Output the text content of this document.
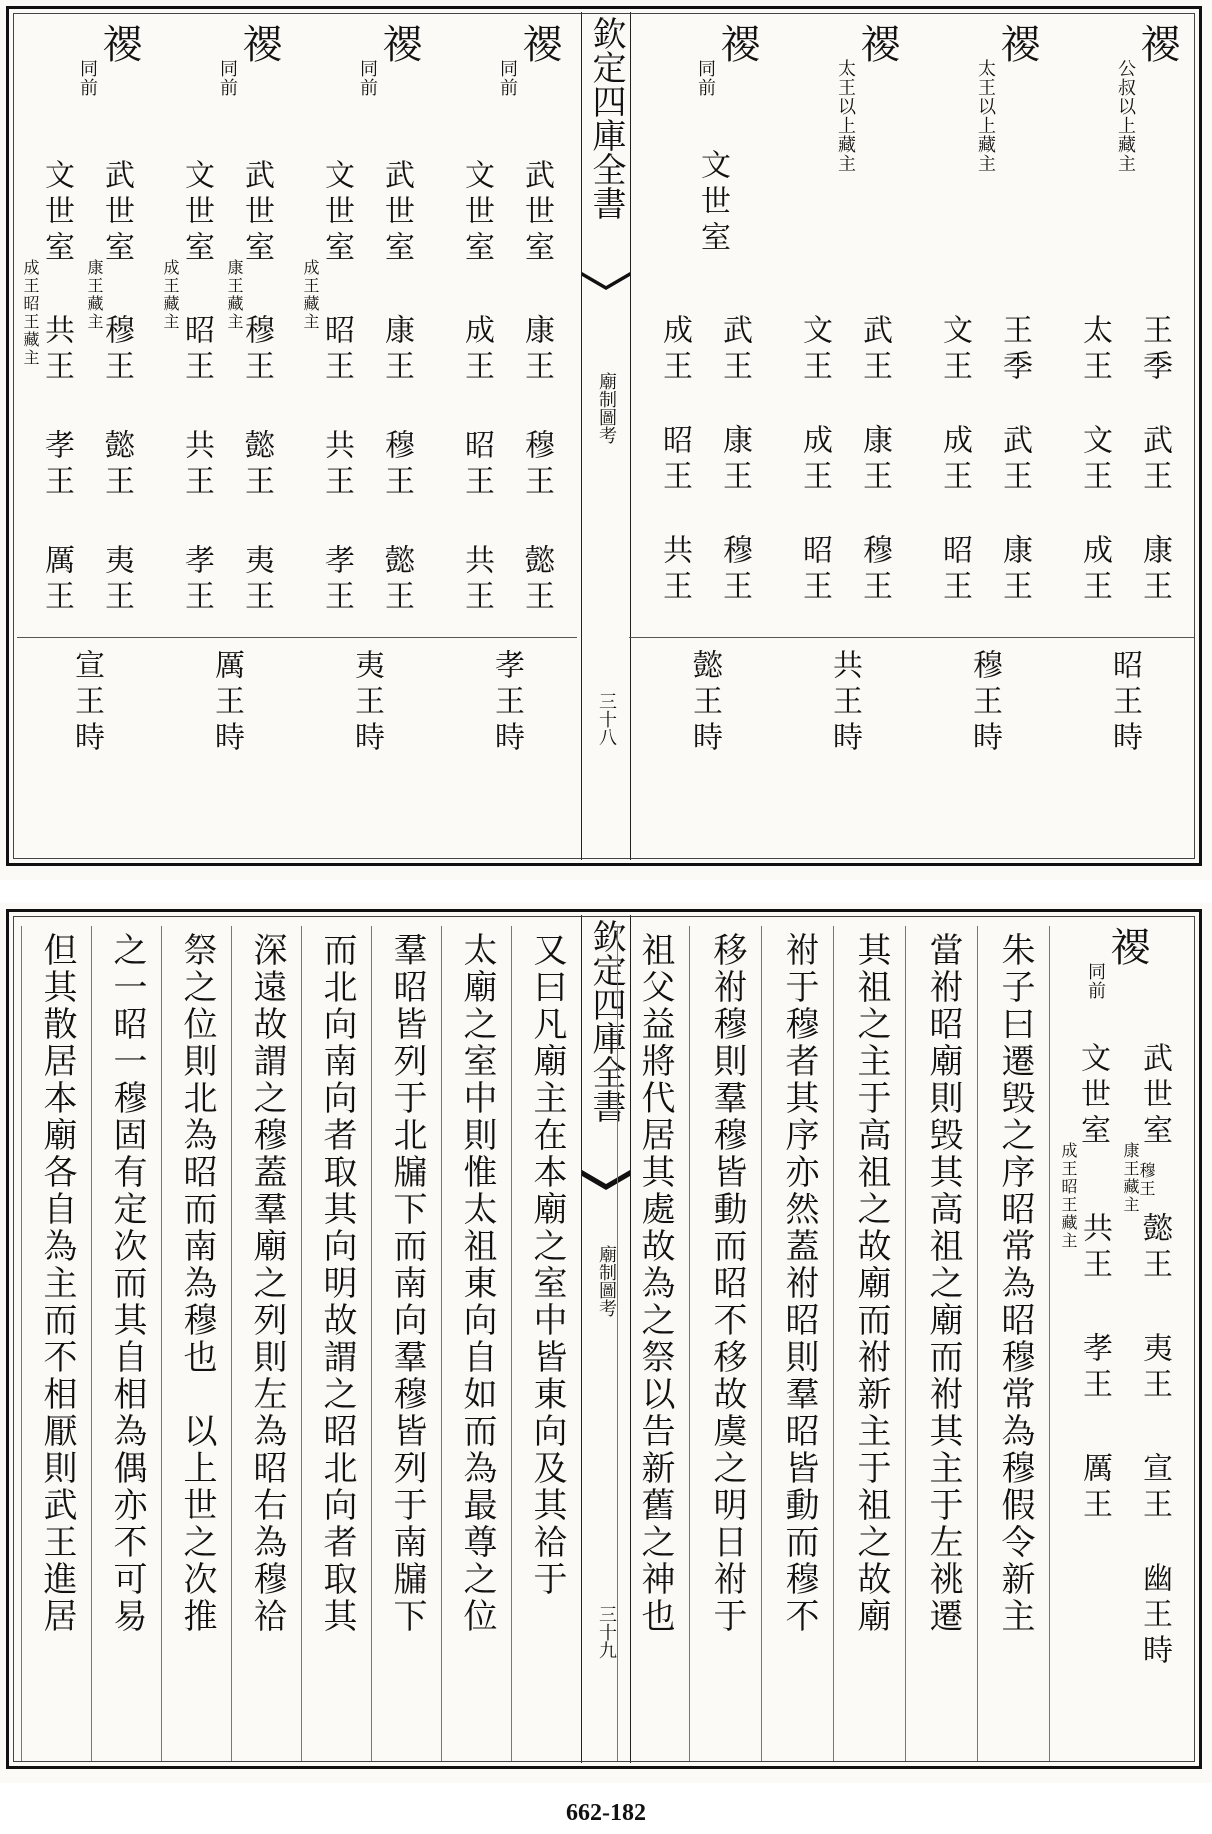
欽定四庫全書
廟制圖考
三十八
禝
公叔以上藏主
王季
太王
武王
文王
康王
成王
昭王時
禝
太王以上藏主
王季
文王
武王
成王
康王
昭王
穆王時
禝
太王以上藏主
武王
文王
康王
成王
穆王
昭王
共王時
禝
同前
文世室
武王
成王
康王
昭王
穆王
共王
懿王時
禝
同前
武世室
文世室
康王
成王
穆王
昭王
懿王
共王
孝王時
禝
同前
武世室
文世室
成王藏主
康王
昭王
穆王
共王
懿王
孝王
夷王時
禝
同前
武世室
康王藏主
文世室
成王藏主
穆王
昭王
懿王
共王
夷王
孝王
厲王時
禝
同前
武世室
康王藏主
文世室
成王昭王藏主 穆王
共王
懿王
孝王
夷王
厲王
宣王時
欽定四庫全書
廟制圖考
三十九
禝
同前
武世室
康王藏主
文世室
成王昭王藏主	穆王
懿王
共王
夷王
孝王
宣王
厲王
幽王時
朱子曰遷毁之序昭常為昭穆常為穆假令新主
當祔昭廟則毁其高祖之廟而祔其主于左祧遷
其祖之主于高祖之故廟而祔新主于祖之故廟
祔于穆者其序亦然蓋祔昭則羣昭皆動而穆不
移祔穆則羣穆皆動而昭不移故虞之明日祔于
祖父益將代居其處故為之祭以告新舊之神也
又曰凡廟主在本廟之室中皆東向及其祫于
太廟之室中則惟太祖東向自如而為最尊之位
羣昭皆列于北牖下而南向羣穆皆列于南牖下
而北向南向者取其向明故謂之昭北向者取其
深遠故謂之穆蓋羣廟之列則左為昭右為穆祫
祭之位則北為昭而南為穆也　以上世之次推
之一昭一穆固有定次而其自相為偶亦不可易
但其散居本廟各自為主而不相厭則武王進居
662-182
